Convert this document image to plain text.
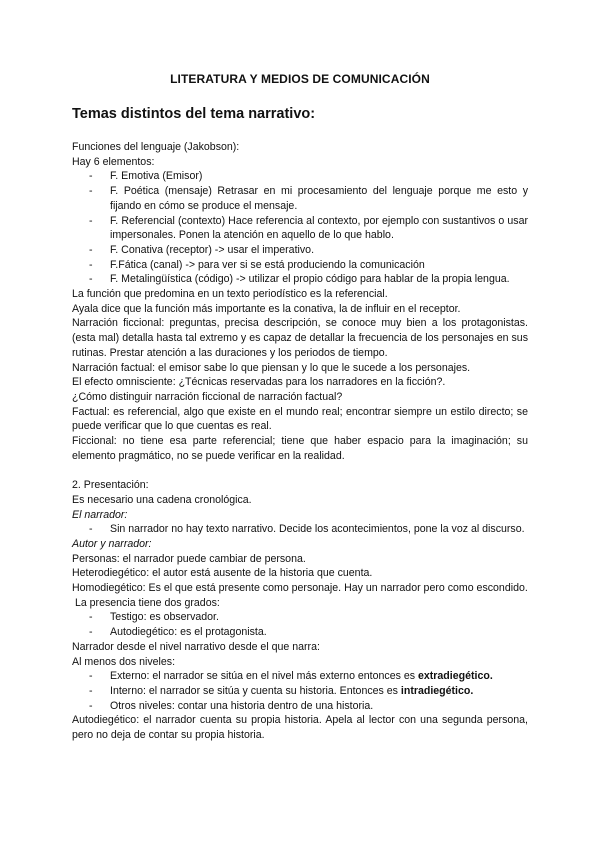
LITERATURA Y MEDIOS DE COMUNICACIÓN
Temas distintos del tema narrativo:

Funciones del lenguaje (Jakobson):

Hay 6 elementos:

- F. Emotiva (Emisor)
- F. Poética (mensaje) Retrasar en mi procesamiento del lenguaje porque me esto y fijando en cómo se produce el mensaje.
- F. Referencial (contexto) Hace referencia al contexto, por ejemplo con sustantivos o usar impersonales. Ponen la atención en aquello de lo que hablo.
- F. Conativa (receptor) -> usar el imperativo.
- F.Fática (canal) -> para ver si se está produciendo la comunicación
- F. Metalingüística (código) -> utilizar el propio código para hablar de la propia lengua.

La función que predomina en un texto periodístico es la referencial.

Ayala dice que la función más importante es la conativa, la de influir en el receptor.

Narración ficcional: preguntas, precisa descripción, se conoce muy bien a los protagonistas. (esta mal) detalla hasta tal extremo y es capaz de detallar la frecuencia de los personajes en sus rutinas. Prestar atención a las duraciones y los periodos de tiempo.

Narración factual: el emisor sabe lo que piensan y lo que le sucede a los personajes.

El efecto omnisciente: ¿Técnicas reservadas para los narradores en la ficción?.

¿Cómo distinguir narración ficcional de narración factual?

Factual: es referencial, algo que existe en el mundo real; encontrar siempre un estilo directo; se puede verificar que lo que cuentas es real.

Ficcional: no tiene esa parte referencial; tiene que haber espacio para la imaginación; su elemento pragmático, no se puede verificar en la realidad.

2. Presentación:

Es necesario una cadena cronológica.

El narrador:

- Sin narrador no hay texto narrativo. Decide los acontecimientos, pone la voz al discurso.

Autor y narrador:

Personas: el narrador puede cambiar de persona.

Heterodiegético: el autor está ausente de la historia que cuenta.

Homodiegético: Es el que está presente como personaje. Hay un narrador pero como escondido.

La presencia tiene dos grados:

- Testigo: es observador.
- Autodiegético: es el protagonista.

Narrador desde el nivel narrativo desde el que narra:

Al menos dos niveles:

- Externo: el narrador se sitúa en el nivel más externo entonces es extradiegético.
- Interno: el narrador se sitúa y cuenta su historia. Entonces es intradiegético.
- Otros niveles: contar una historia dentro de una historia.

Autodiegético: el narrador cuenta su propia historia. Apela al lector con una segunda persona, pero no deja de contar su propia historia.
